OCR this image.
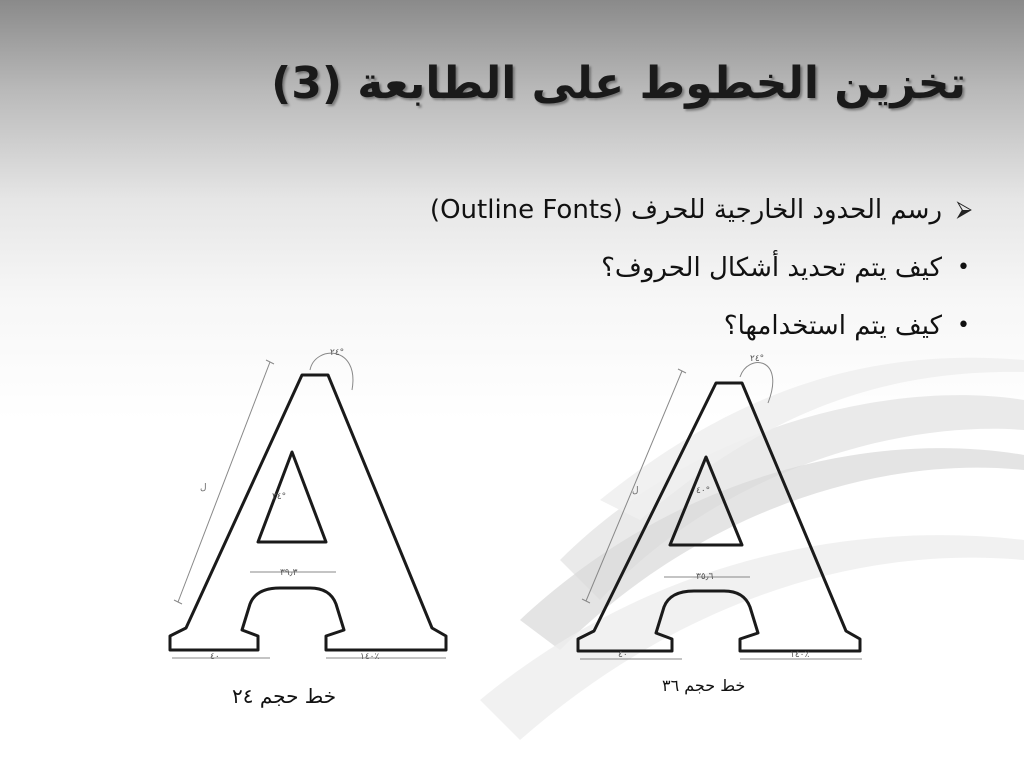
تخزين الخطوط على الطابعة (3)
⮚
رسم الحدود الخارجية للحرف (Outline Fonts)
•
كيف يتم تحديد أشكال الحروف؟
•
كيف يتم استخدامها؟
ل
٢٤°
٢٤°
٣٩٫٣
٤٠	١٤٠٪
خط حجم ٢٤
ل
٢٤°
٤٠°
٣٥٫٦
٤٠	١٤٠٪
خط حجم ٣٦
